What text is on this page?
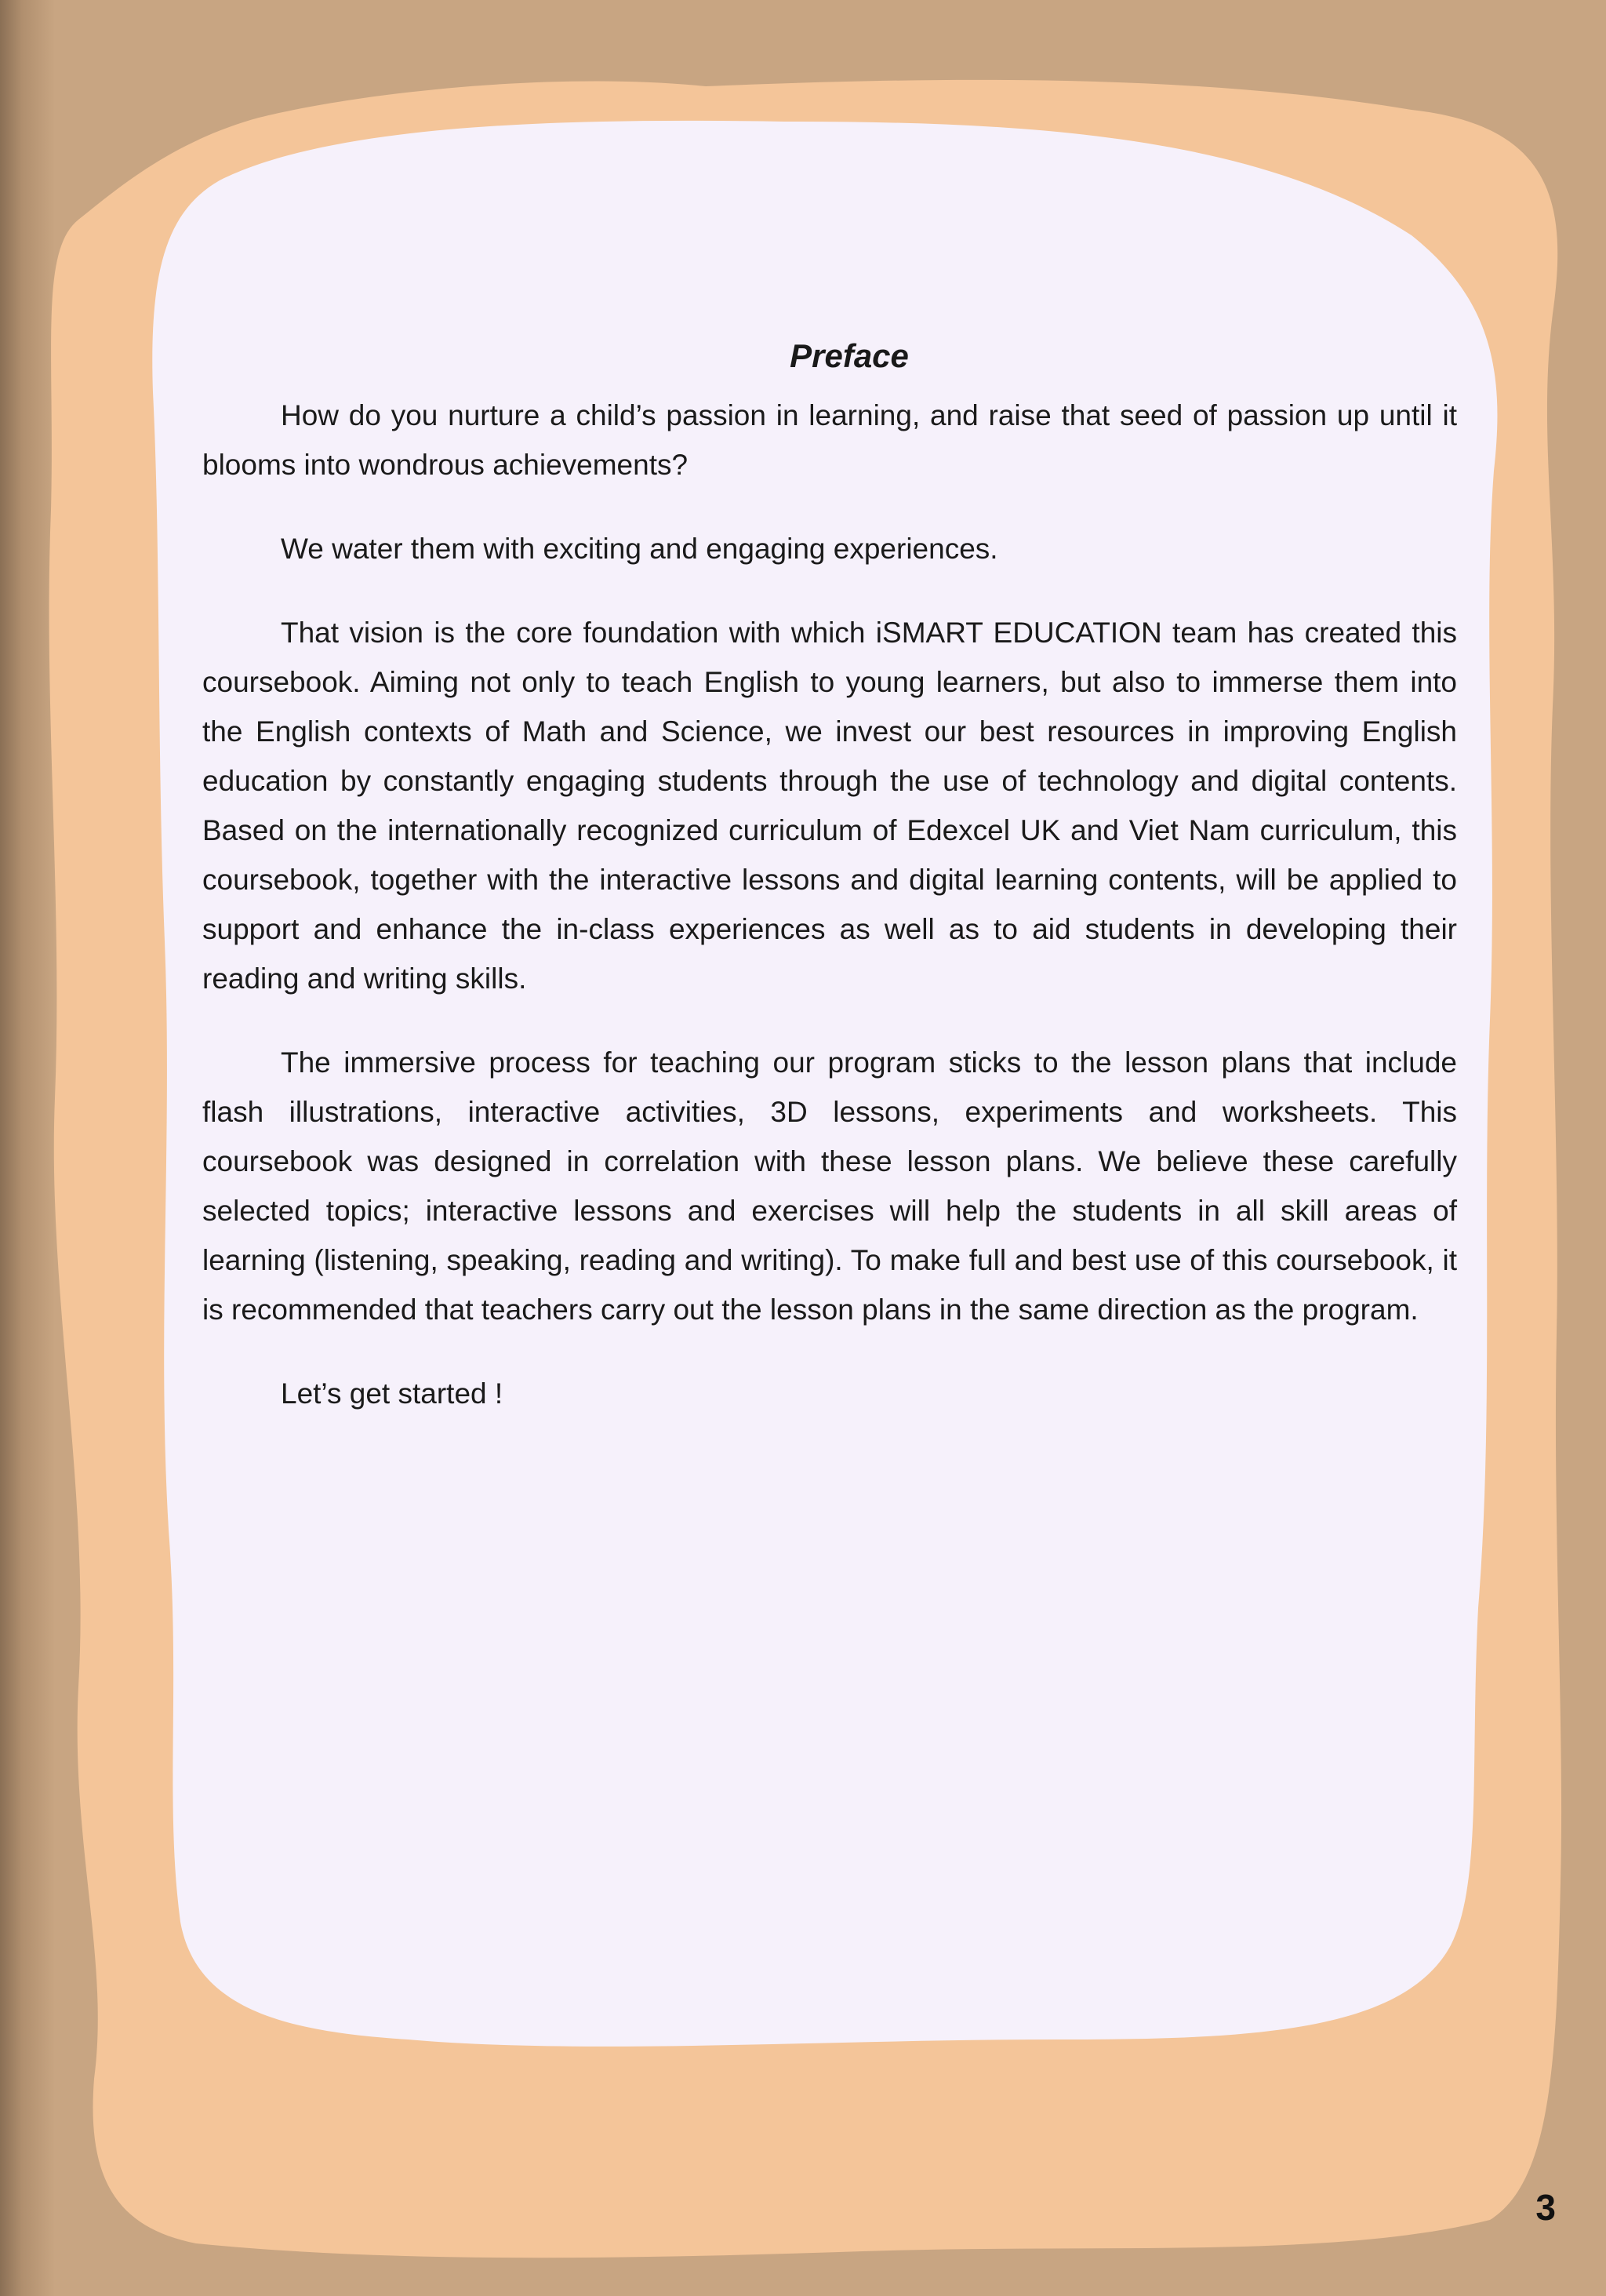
Preface

How do you nurture a child’s passion in learning, and raise that seed of passion up until it blooms into wondrous achievements?

We water them with exciting and engaging experiences.

That vision is the core foundation with which iSMART EDUCATION team has created this coursebook. Aiming not only to teach English to young learners, but also to immerse them into the English contexts of Math and Science, we invest our best resources in improving English education by constantly engaging students through the use of technology and digital contents. Based on the internationally recognized curriculum of Edexcel UK and Viet Nam curriculum, this coursebook, together with the interactive lessons and digital learning contents, will be applied to support and enhance the in-class experiences as well as to aid students in developing their reading and writing skills.

The immersive process for teaching our program sticks to the lesson plans that include flash illustrations, interactive activities, 3D lessons, experiments and worksheets. This coursebook was designed in correlation with these lesson plans. We believe these carefully selected topics; interactive lessons and exercises will help the students in all skill areas of learning (listening, speaking, reading and writing). To make full and best use of this coursebook, it is recommended that teachers carry out the lesson plans in the same direction as the program.

Let’s get started !

3
